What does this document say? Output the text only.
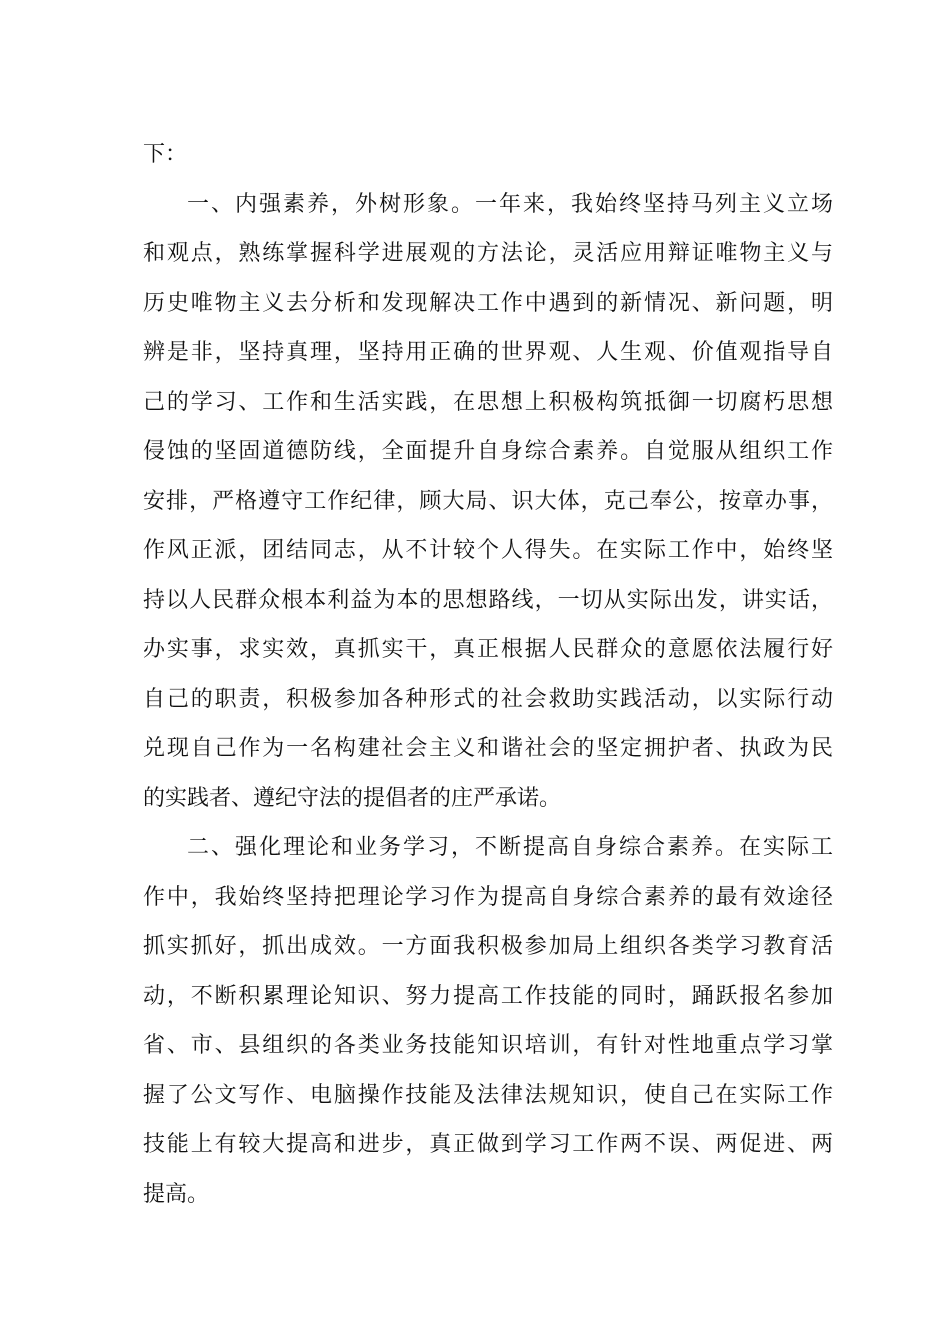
下：
一、内强素养，外树形象。一年来，我始终坚持马列主义立场
和观点，熟练掌握科学进展观的方法论，灵活应用辩证唯物主义与
历史唯物主义去分析和发现解决工作中遇到的新情况、新问题，明
辨是非，坚持真理，坚持用正确的世界观、人生观、价值观指导自
己的学习、工作和生活实践，在思想上积极构筑抵御一切腐朽思想
侵蚀的坚固道德防线，全面提升自身综合素养。自觉服从组织工作
安排，严格遵守工作纪律，顾大局、识大体，克己奉公，按章办事，
作风正派，团结同志，从不计较个人得失。在实际工作中，始终坚
持以人民群众根本利益为本的思想路线，一切从实际出发，讲实话，
办实事，求实效，真抓实干，真正根据人民群众的意愿依法履行好
自己的职责，积极参加各种形式的社会救助实践活动，以实际行动
兑现自己作为一名构建社会主义和谐社会的坚定拥护者、执政为民
的实践者、遵纪守法的提倡者的庄严承诺。
二、强化理论和业务学习，不断提高自身综合素养。在实际工
作中，我始终坚持把理论学习作为提高自身综合素养的最有效途径
抓实抓好，抓出成效。一方面我积极参加局上组织各类学习教育活
动，不断积累理论知识、努力提高工作技能的同时，踊跃报名参加
省、市、县组织的各类业务技能知识培训，有针对性地重点学习掌
握了公文写作、电脑操作技能及法律法规知识，使自己在实际工作
技能上有较大提高和进步，真正做到学习工作两不误、两促进、两
提高。
